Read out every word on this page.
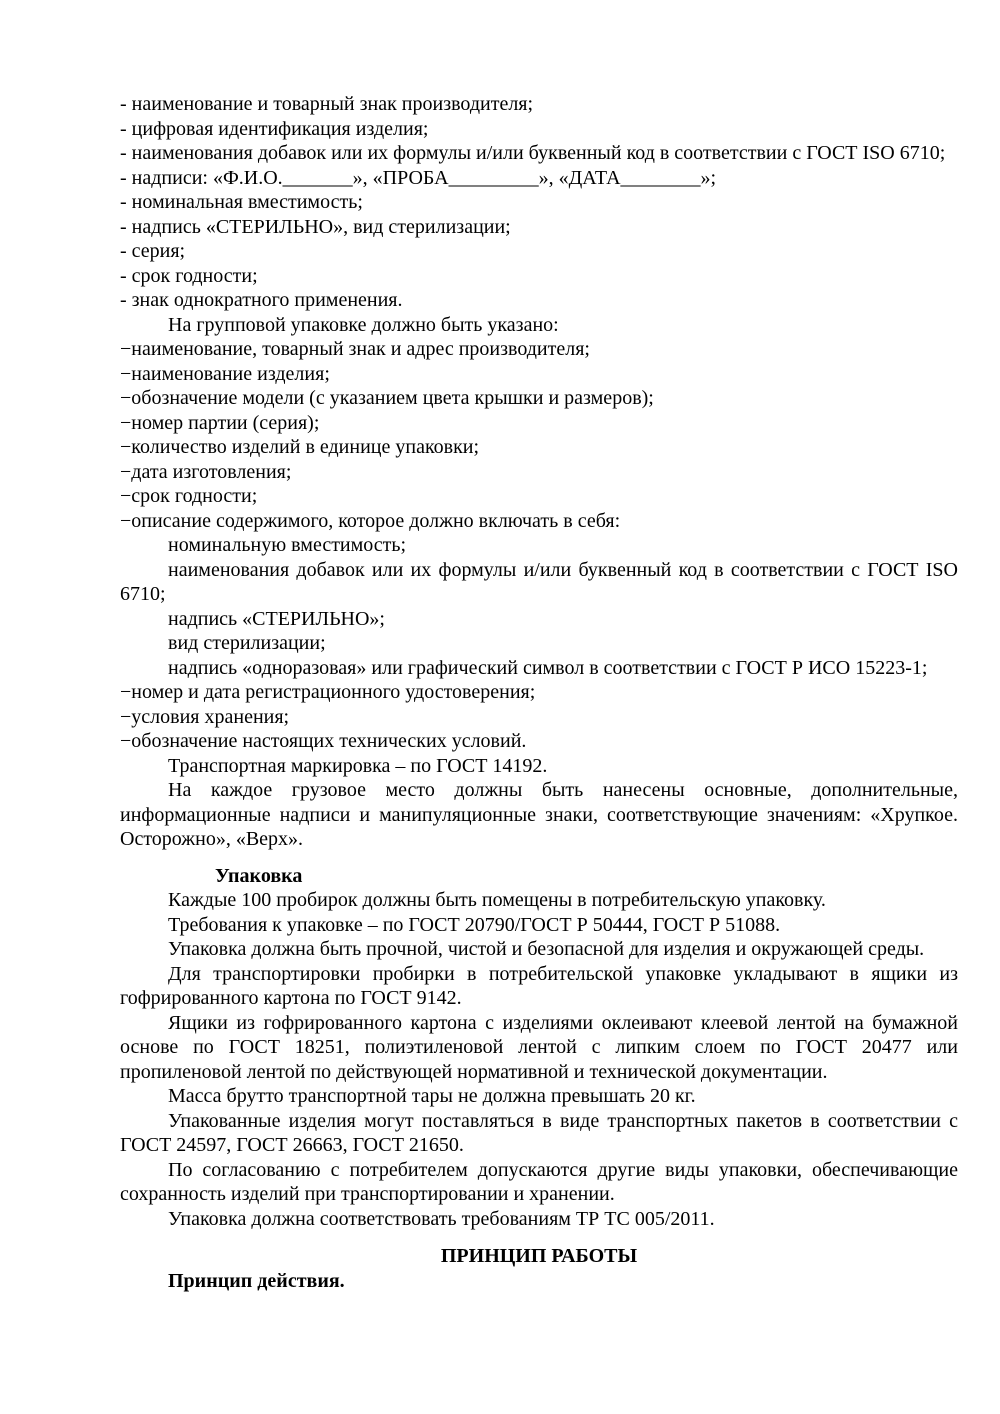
- наименование и товарный знак производителя;

- цифровая идентификация изделия;

- наименования добавок или их формулы и/или буквенный код в соответствии с ГОСТ ISO 6710;

- надписи: «Ф.И.О._______», «ПРОБА_________», «ДАТА________»;

- номинальная вместимость;

- надпись «СТЕРИЛЬНО», вид стерилизации;

- серия;

- срок годности;

- знак однократного применения.

На групповой упаковке должно быть указано:

−наименование, товарный знак и адрес производителя;

−наименование изделия;

−обозначение модели (с указанием цвета крышки и размеров);

−номер партии (серия);

−количество изделий в единице упаковки;

−дата изготовления;

−срок годности;

−описание содержимого, которое должно включать в себя:

номинальную вместимость;

наименования добавок или их формулы и/или буквенный код в соответствии с ГОСТ ISO 6710;

надпись «СТЕРИЛЬНО»;

вид стерилизации;

надпись «одноразовая» или графический символ в соответствии с ГОСТ Р ИСО 15223-1;

−номер и дата регистрационного удостоверения;

−условия хранения;

−обозначение настоящих технических условий.

Транспортная маркировка – по ГОСТ 14192.

На каждое грузовое место должны быть нанесены основные, дополнительные, информационные надписи и манипуляционные знаки, соответствующие значениям: «Хрупкое. Осторожно», «Верх».

Упаковка

Каждые 100 пробирок должны быть помещены в потребительскую упаковку.

Требования к упаковке – по ГОСТ 20790/ГОСТ Р 50444, ГОСТ Р 51088.

Упаковка должна быть прочной, чистой и безопасной для изделия и окружающей среды.

Для транспортировки пробирки в потребительской упаковке укладывают в ящики из гофрированного картона по ГОСТ 9142.

Ящики из гофрированного картона с изделиями оклеивают клеевой лентой на бумажной основе по ГОСТ 18251, полиэтиленовой лентой с липким слоем по ГОСТ 20477 или пропиленовой лентой по действующей нормативной и технической документации.

Масса брутто транспортной тары не должна превышать 20 кг.

Упакованные изделия могут поставляться в виде транспортных пакетов в соответствии с ГОСТ 24597, ГОСТ 26663, ГОСТ 21650.

По согласованию с потребителем допускаются другие виды упаковки, обеспечивающие сохранность изделий при транспортировании и хранении.

Упаковка должна соответствовать требованиям ТР ТС 005/2011.

ПРИНЦИП РАБОТЫ

Принцип действия.
